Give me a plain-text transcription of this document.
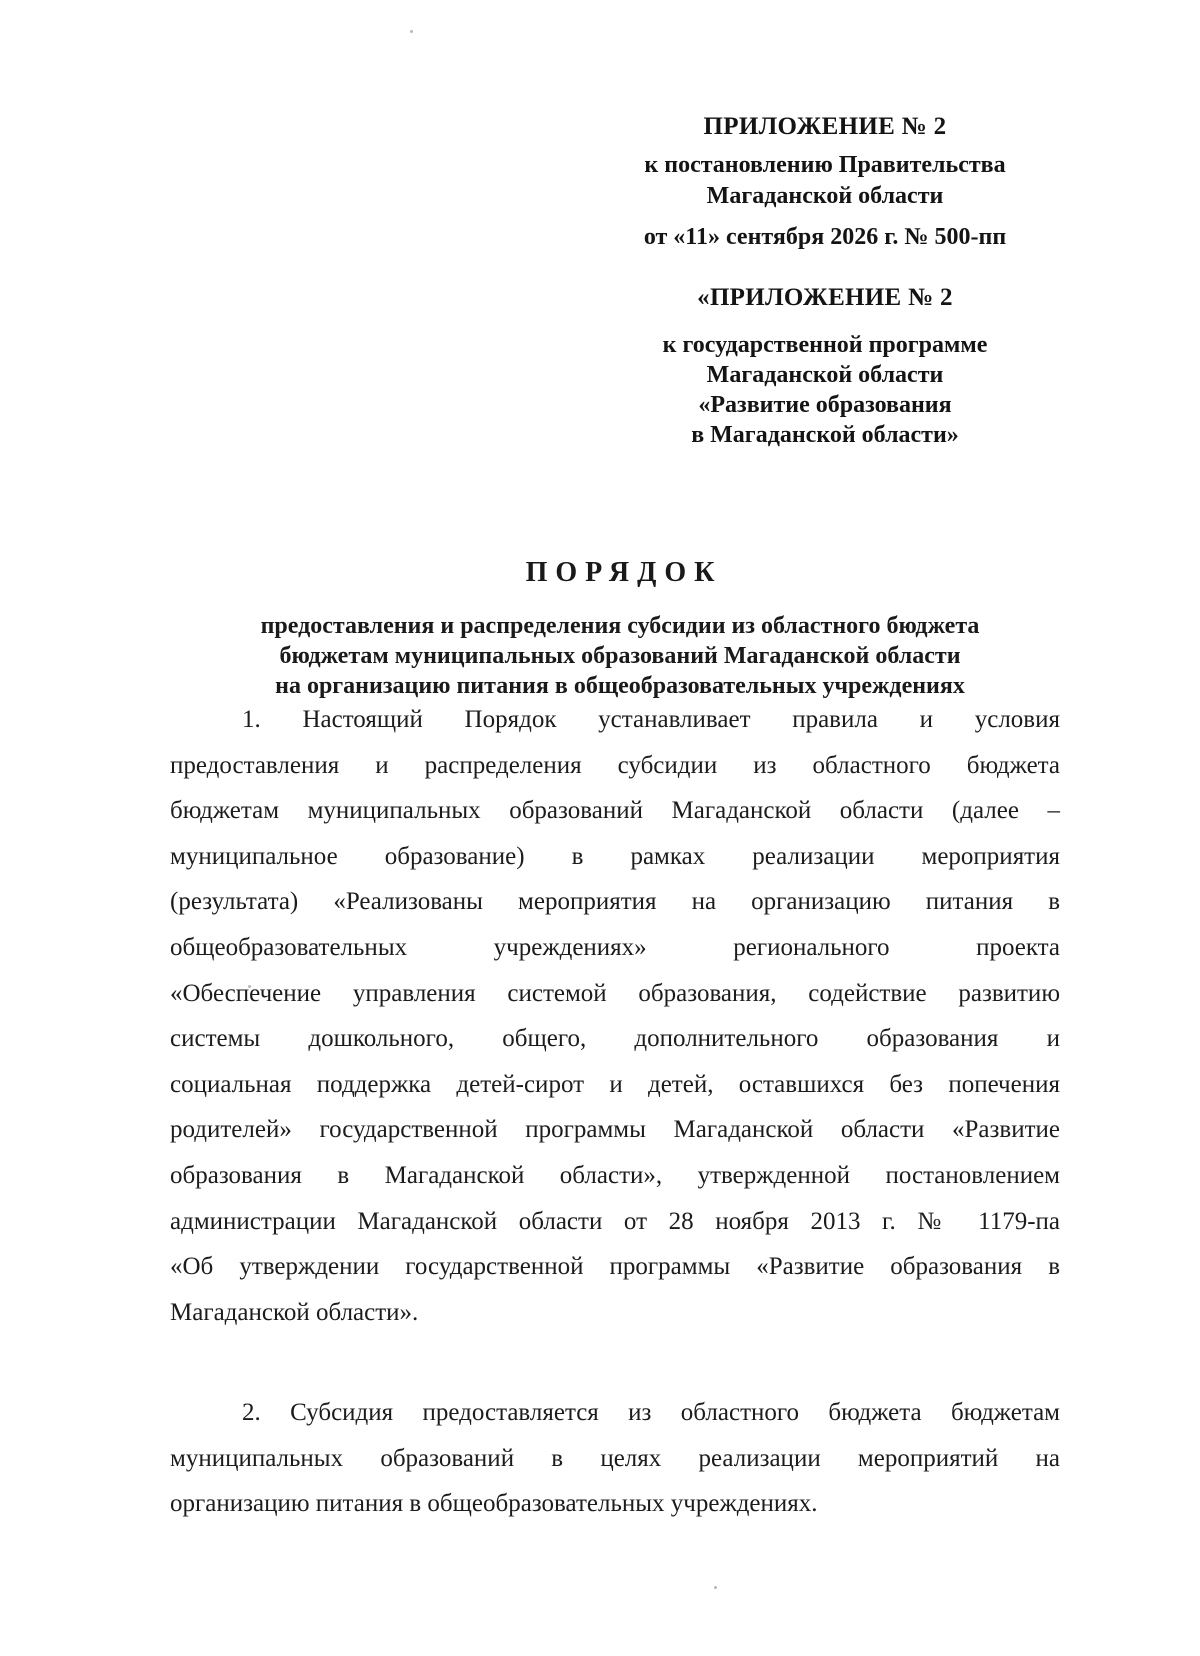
ПРИЛОЖЕНИЕ № 2
к постановлению Правительства
Магаданской области
от «11» сентября 2026 г. № 500-пп
«ПРИЛОЖЕНИЕ № 2
к государственной программе
Магаданской области
«Развитие образования
в Магаданской области»
ПОРЯДОК
предоставления и распределения субсидии из областного бюджета
бюджетам муниципальных образований Магаданской области
на организацию питания в общеобразовательных учреждениях
1. Настоящий Порядок устанавливает правила и условия
предоставления и распределения субсидии из областного бюджета
бюджетам муниципальных образований Магаданской области (далее –
муниципальное образование) в рамках реализации мероприятия
(результата) «Реализованы мероприятия на организацию питания в
общеобразовательных учреждениях» регионального проекта
«Обеспечение управления системой образования, содействие развитию
системы дошкольного, общего, дополнительного образования и
социальная поддержка детей-сирот и детей, оставшихся без попечения
родителей» государственной программы Магаданской области «Развитие
образования в Магаданской области», утвержденной постановлением
администрации Магаданской области от 28 ноября 2013 г. № 1179-па
«Об утверждении государственной программы «Развитие образования в
Магаданской области».
2. Субсидия предоставляется из областного бюджета бюджетам
муниципальных образований в целях реализации мероприятий на
организацию питания в общеобразовательных учреждениях.
